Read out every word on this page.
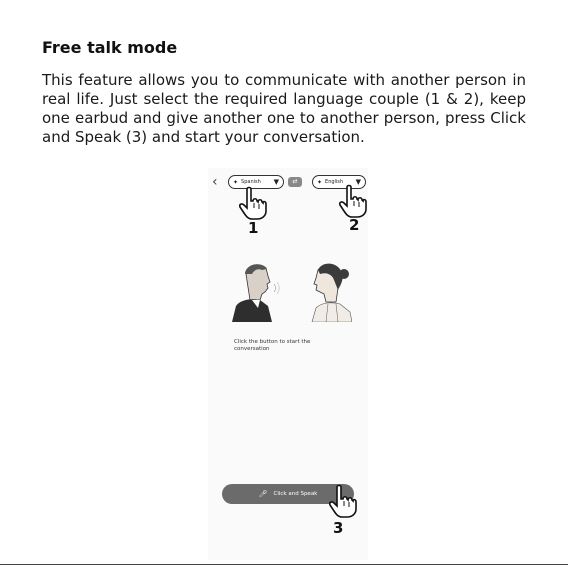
Free talk mode

This feature allows you to communicate with another person in real life. Just select the required language couple (1 & 2), keep one earbud and give another one to another person, press Click and Speak (3) and start your conversation.

‹	✦ Spanish ▼	⇄	✦ English ▼
1	2

Click the button to start the conversation

🎤︎ Click and Speak
3
